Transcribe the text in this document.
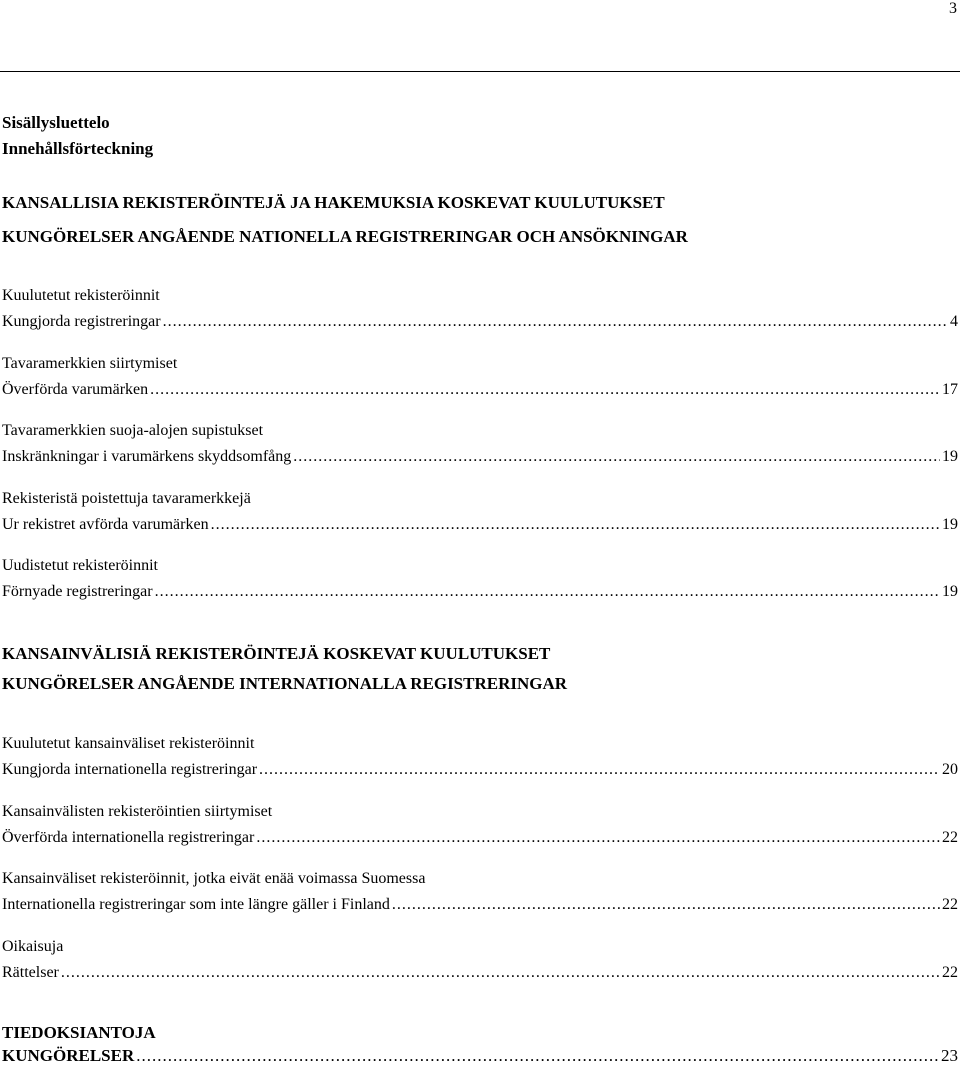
3
Sisällysluettelo
Innehållsförteckning
KANSALLISIA REKISTERÖINTEJÄ JA HAKEMUKSIA KOSKEVAT KUULUTUKSET
KUNGÖRELSER ANGÅENDE NATIONELLA REGISTRERINGAR OCH ANSÖKNINGAR
Kuulutetut rekisteröinnit
Kungjorda registreringar .....	4
Tavaramerkkien siirtymiset
Överförda varumärken .....	17
Tavaramerkkien suoja-alojen supistukset
Inskränkningar i varumärkens skyddsomfång .....	19
Rekisteristä poistettuja tavaramerkkejä
Ur rekistret avförda varumärken .....	19
Uudistetut rekisteröinnit
Förnyade registreringar .....	19
KANSAINVÄLISIÄ REKISTERÖINTEJÄ KOSKEVAT KUULUTUKSET
KUNGÖRELSER ANGÅENDE INTERNATIONALLA REGISTRERINGAR
Kuulutetut kansainväliset rekisteröinnit
Kungjorda internationella registreringar .....	20
Kansainvälisten rekisteröintien siirtymiset
Överförda internationella registreringar .....	22
Kansainväliset rekisteröinnit, jotka eivät enää voimassa Suomessa
Internationella registreringar som inte längre gäller i Finland .....	22
Oikaisuja
Rättelser .....	22
TIEDOKSIANTOJA
KUNGÖRELSER .....	23
